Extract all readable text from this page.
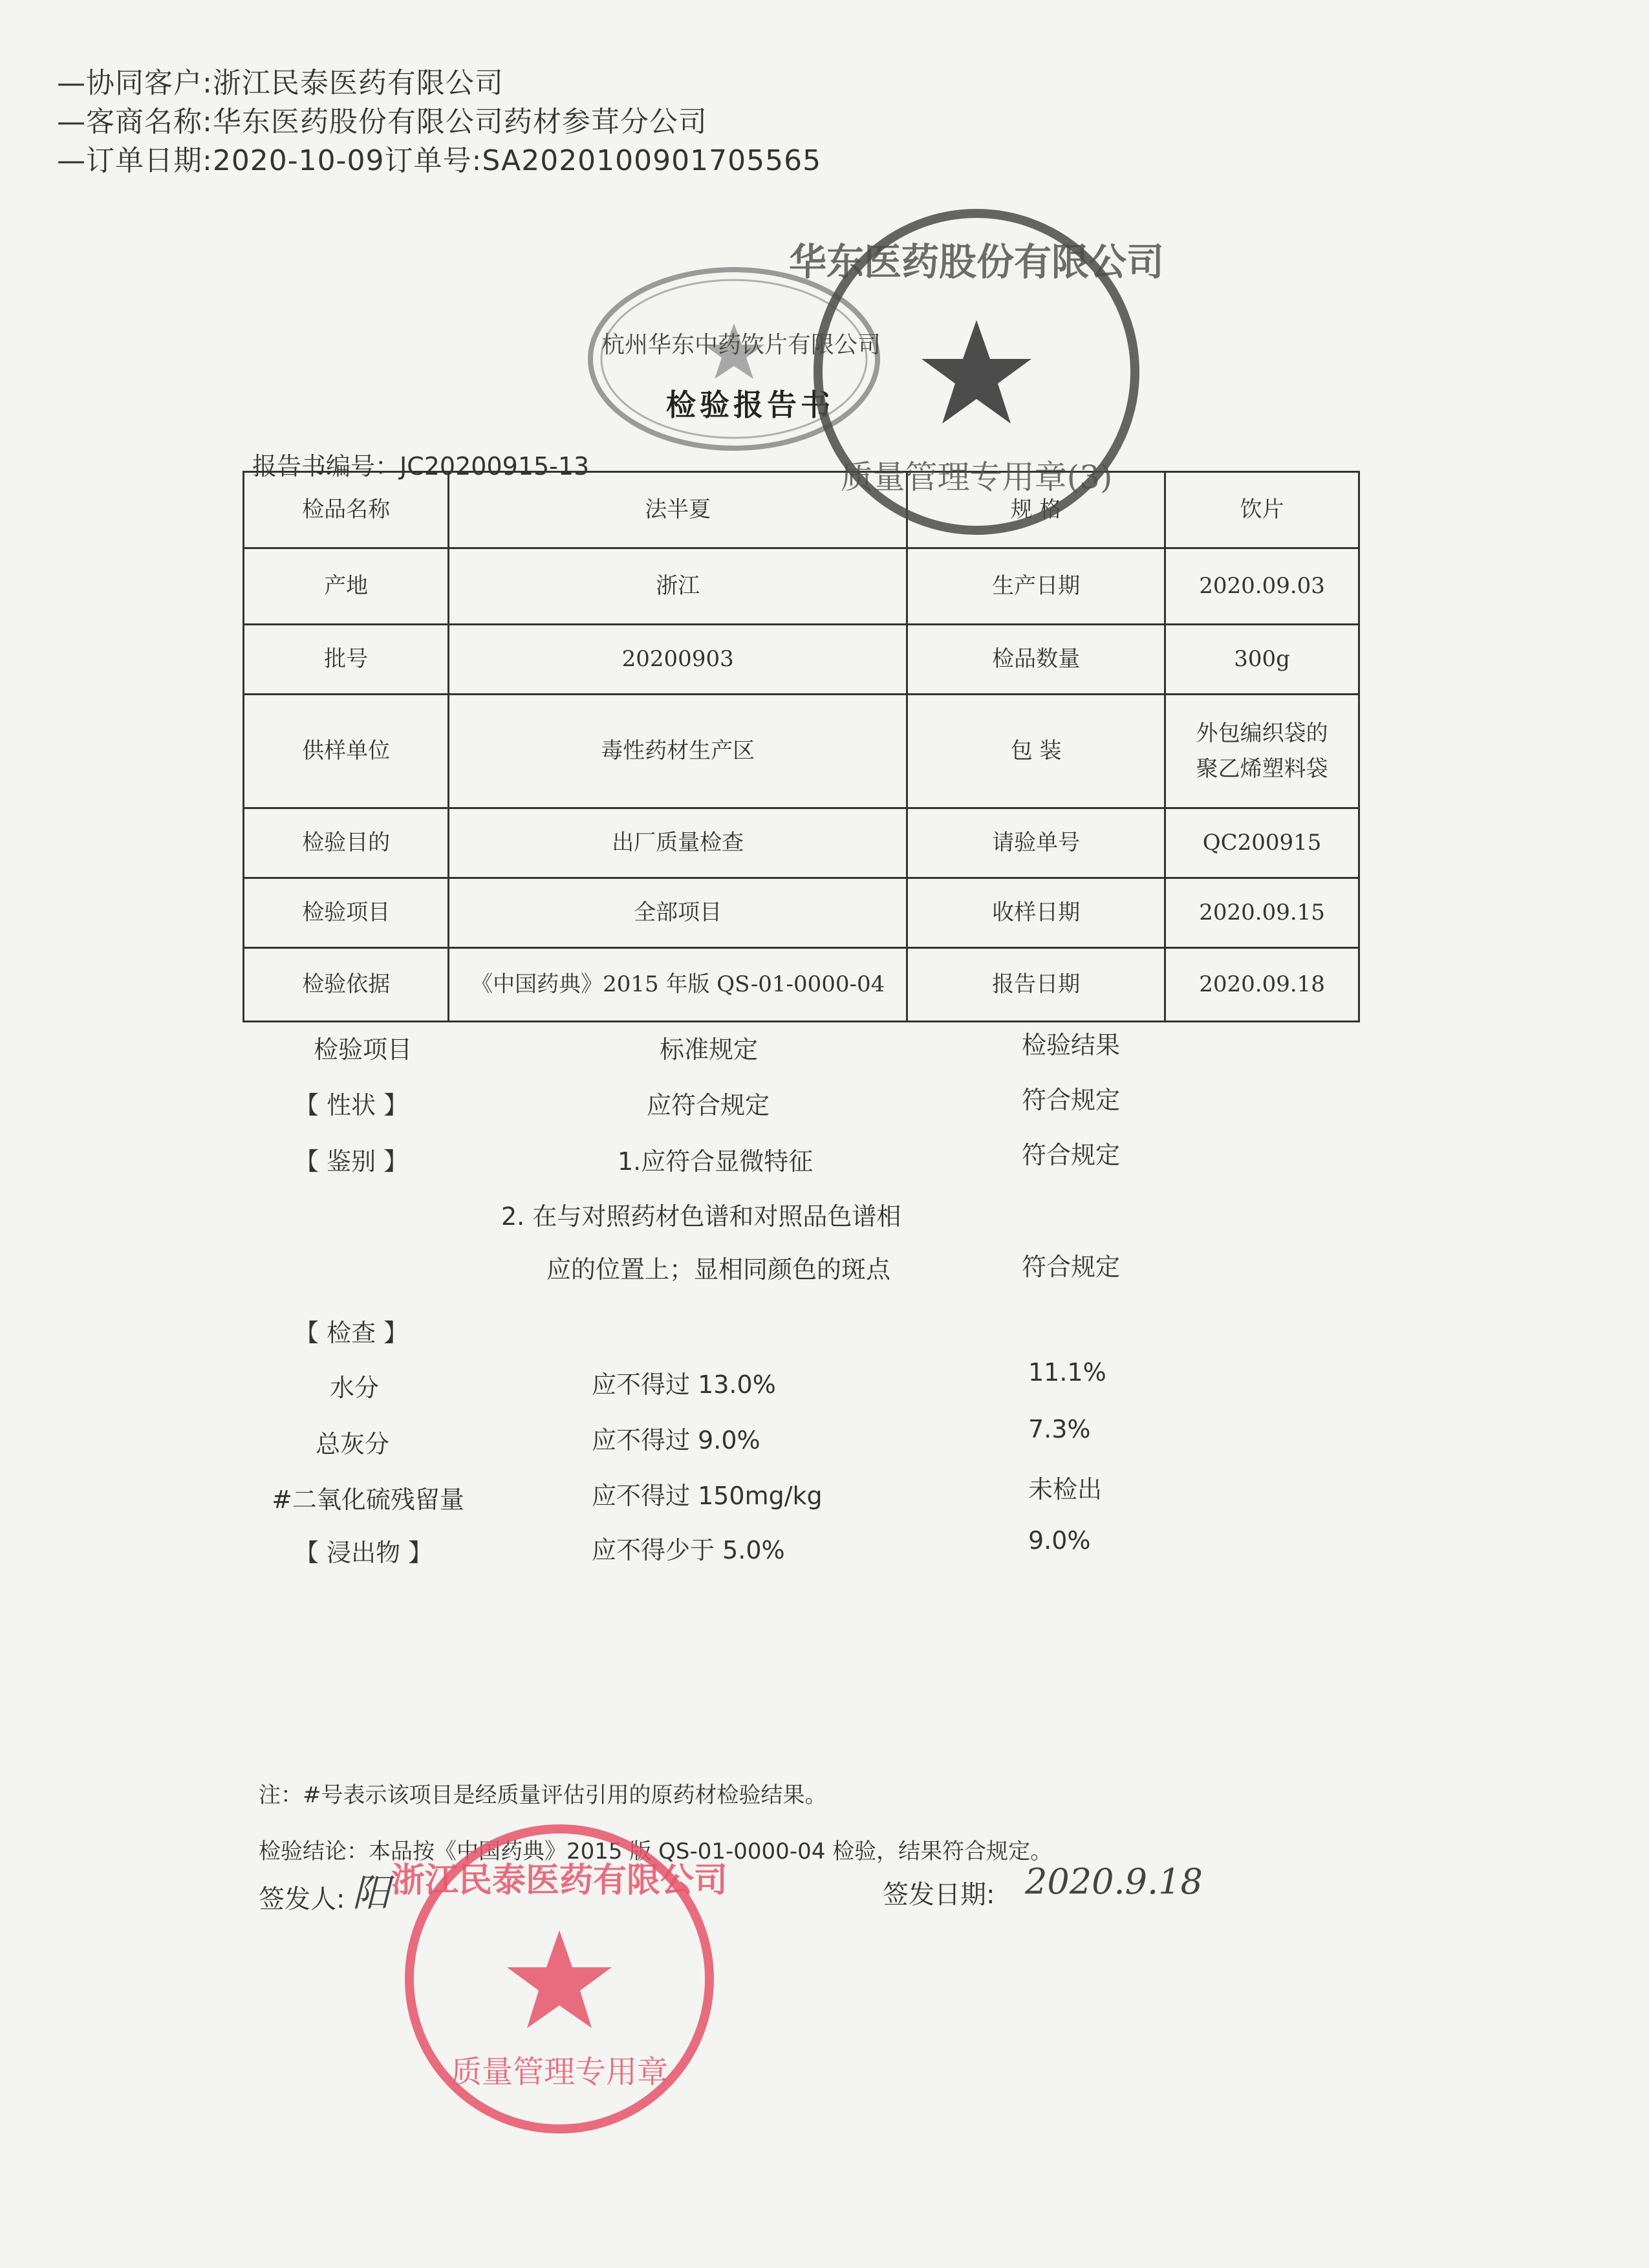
—协同客户:浙江民泰医药有限公司
—客商名称:华东医药股份有限公司药材参茸分公司
—订单日期:2020-10-09订单号:SA2020100901705565
杭州华东中药饮片有限公司
检验报告书
报告书编号：JC20200915-13
检品名称	法半夏	规 格	饮片
产地	浙江	生产日期	2020.09.03
批号	20200903	检品数量	300g
供样单位	毒性药材生产区	包 装	外包编织袋的
聚乙烯塑料袋

检验目的	出厂质量检查	请验单号	QC200915
检验项目	全部项目	收样日期	2020.09.15
检验依据	《中国药典》2015 年版 QS-01-0000-04	报告日期	2020.09.18
检验项目	标准规定	检验结果
【 性状 】	应符合规定	符合规定
【 鉴别 】	1.应符合显微特征	符合规定
2. 在与对照药材色谱和对照品色谱相
应的位置上；显相同颜色的斑点	符合规定
【 检查 】
水分	应不得过 13.0%	11.1%
总灰分	应不得过 9.0%	7.3%
#二氧化硫残留量	应不得过 150mg/kg	未检出
【 浸出物 】	应不得少于 5.0%	9.0%
注：#号表示该项目是经质量评估引用的原药材检验结果。
检验结论：本品按《中国药典》2015 版 QS-01-0000-04 检验，结果符合规定。
签发人: 阳	签发日期: 2020.9.18
华东医药股份有限公司
质量管理专用章(3)
浙江民泰医药有限公司
质量管理专用章
